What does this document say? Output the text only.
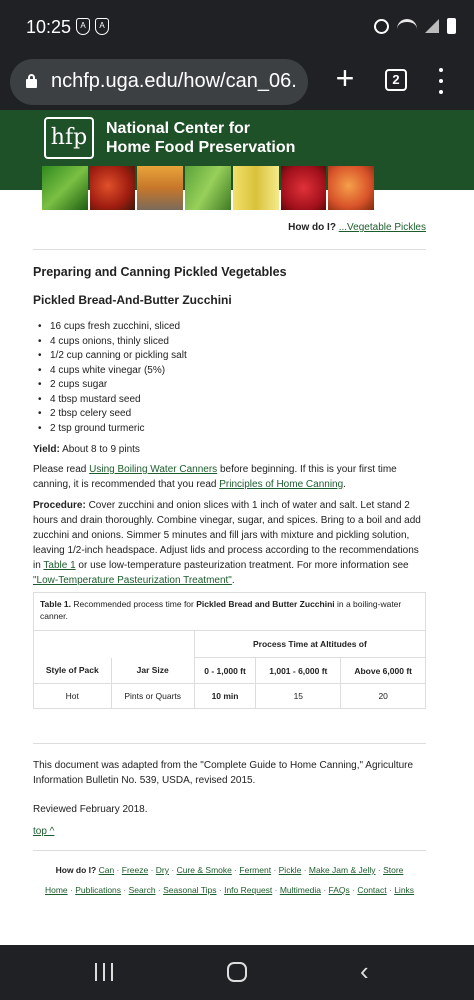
10:25	A	A
nchfp.uga.edu/how/can_06. +	2
hfp	National Center for
Home Food Preservation
How do I? ...Vegetable Pickles
Preparing and Canning Pickled Vegetables
Pickled Bread-And-Butter Zucchini
• 16 cups fresh zucchini, sliced
• 4 cups onions, thinly sliced
• 1/2 cup canning or pickling salt
• 4 cups white vinegar (5%)
• 2 cups sugar
• 4 tbsp mustard seed
• 2 tbsp celery seed
• 2 tsp ground turmeric
Yield: About 8 to 9 pints
Please read Using Boiling Water Canners before beginning. If this is your first time canning, it is recommended that you read Principles of Home Canning.
Procedure: Cover zucchini and onion slices with 1 inch of water and salt. Let stand 2 hours and drain thoroughly. Combine vinegar, sugar, and spices. Bring to a boil and add zucchini and onions. Simmer 5 minutes and fill jars with mixture and pickling solution, leaving 1/2-inch headspace. Adjust lids and process according to the recommendations in Table 1 or use low-temperature pasteurization treatment. For more information see "Low-Temperature Pasteurization Treatment".
Table 1. Recommended process time for Pickled Bread and Butter Zucchini in a boiling-water canner.				
		Process Time at Altitudes of		
Style of Pack	Jar Size	0 - 1,000 ft	1,001 - 6,000 ft	Above 6,000 ft
Hot	Pints or Quarts	10 min	15	20
This document was adapted from the "Complete Guide to Home Canning," Agriculture Information Bulletin No. 539, USDA, revised 2015.
Reviewed February 2018.
top ^
How do I? Can · Freeze · Dry · Cure & Smoke · Ferment · Pickle · Make Jam & Jelly · Store
Home · Publications · Search · Seasonal Tips · Info Request · Multimedia · FAQs · Contact · Links
‹
